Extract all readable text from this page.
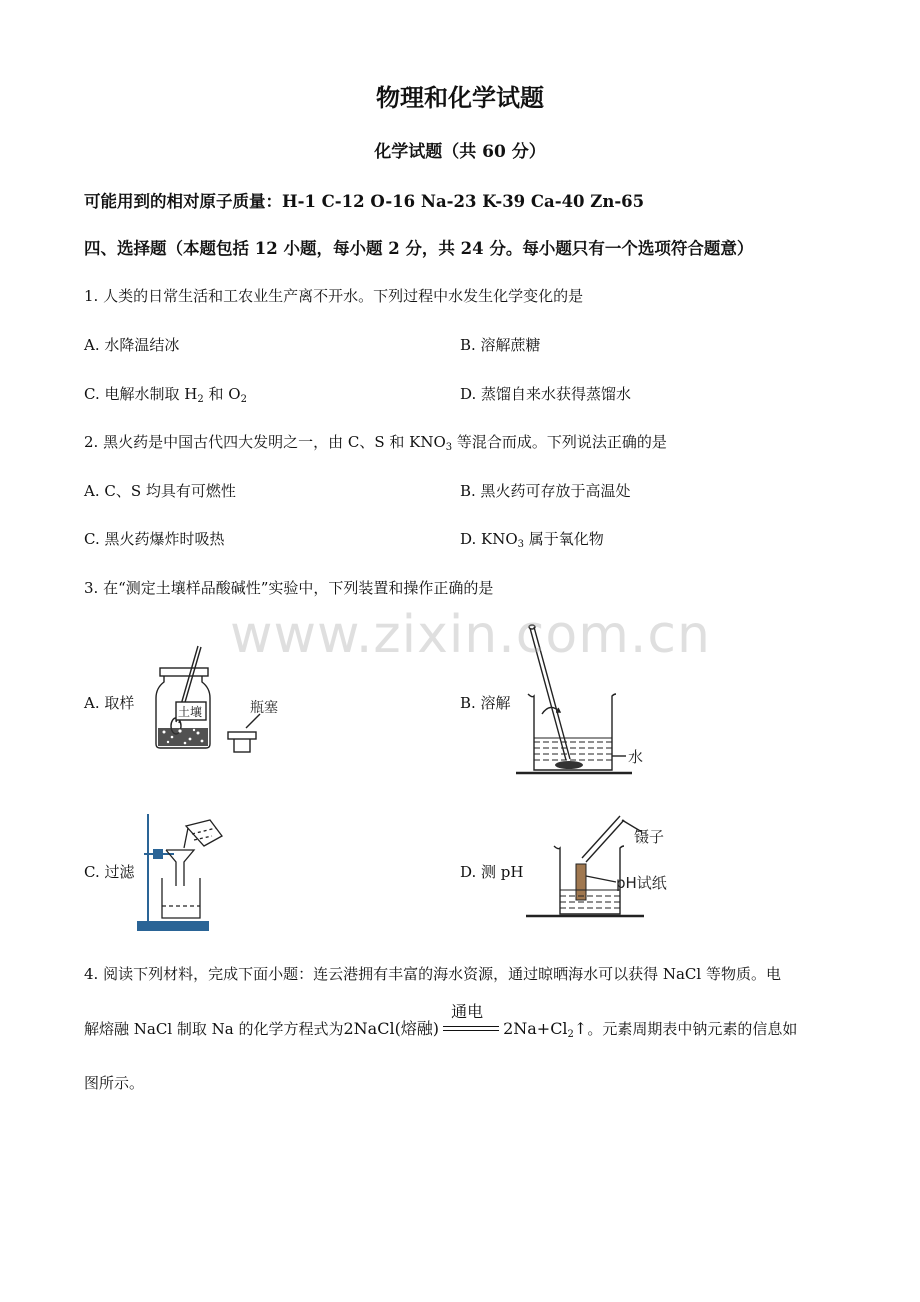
物理和化学试题
化学试题（共 60 分）
可能用到的相对原子质量：H-1 C-12 O-16 Na-23 K-39 Ca-40 Zn-65
四、选择题（本题包括 12 小题，每小题 2 分，共 24 分。每小题只有一个选项符合题意）
1. 人类的日常生活和工农业生产离不开水。下列过程中水发生化学变化的是
A. 水降温结冰	B. 溶解蔗糖
C. 电解水制取 $H_2$ 和 $O_2$	D. 蒸馏自来水获得蒸馏水
2. 黑火药是中国古代四大发明之一，由 C、S 和 $KNO_3$ 等混合而成。下列说法正确的是
A. C、S 均具有可燃性	B. 黑火药可存放于高温处
C. 黑火药爆炸时吸热	D. $KNO_3$ 属于氧化物
3. 在“测定土壤样品酸碱性”实验中，下列装置和操作正确的是
A. 取样	B. 溶解
C. 过滤	D. 测 pH
土壤	瓶塞
水
镊子
pH试纸
4. 阅读下列材料，完成下面小题：连云港拥有丰富的海水资源，通过晾晒海水可以获得 NaCl 等物质。电
解熔融 NaCl 制取 Na 的化学方程式为2NaCl(熔融)
通电
$2Na+Cl_2↑$。元素周期表中钠元素的信息如
图所示。
www.zixin.com.cn
